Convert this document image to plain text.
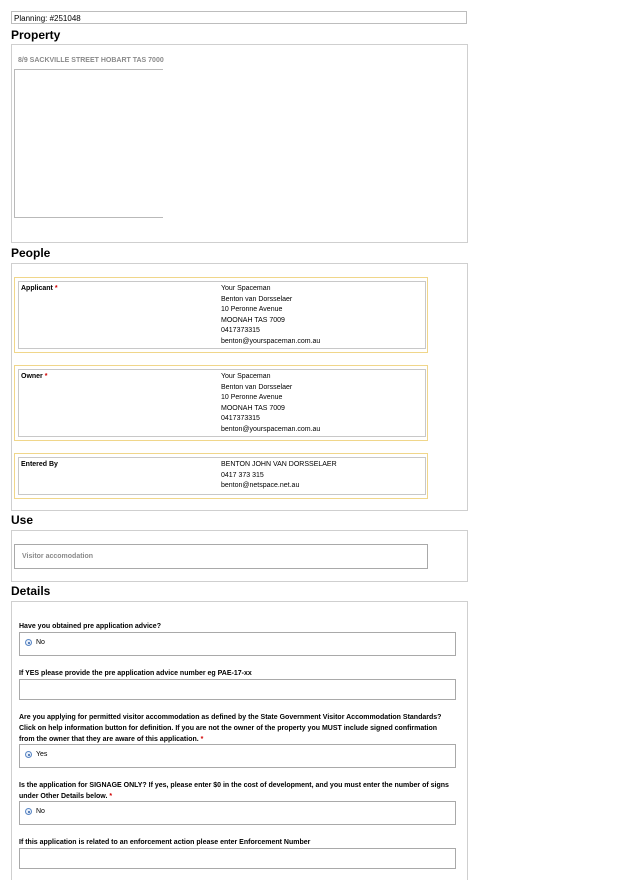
Planning: #251048
Property
8/9 SACKVILLE STREET HOBART TAS 7000
People
Applicant *	Your Spaceman
Benton van Dorsselaer
10 Peronne Avenue
MOONAH TAS 7009
0417373315
benton@yourspaceman.com.au
Owner *	Your Spaceman
Benton van Dorsselaer
10 Peronne Avenue
MOONAH TAS 7009
0417373315
benton@yourspaceman.com.au
Entered By	BENTON JOHN VAN DORSSELAER
0417 373 315
benton@netspace.net.au
Use
Visitor accomodation
Details
Have you obtained pre application advice?
No
If YES please provide the pre application advice number eg PAE-17-xx
Are you applying for permitted visitor accommodation as defined by the State Government Visitor Accommodation Standards? Click on help information button for definition. If you are not the owner of the property you MUST include signed confirmation from the owner that they are aware of this application. *
Yes
Is the application for SIGNAGE ONLY? If yes, please enter $0 in the cost of development, and you must enter the number of signs under Other Details below. *
No
If this application is related to an enforcement action please enter Enforcement Number
